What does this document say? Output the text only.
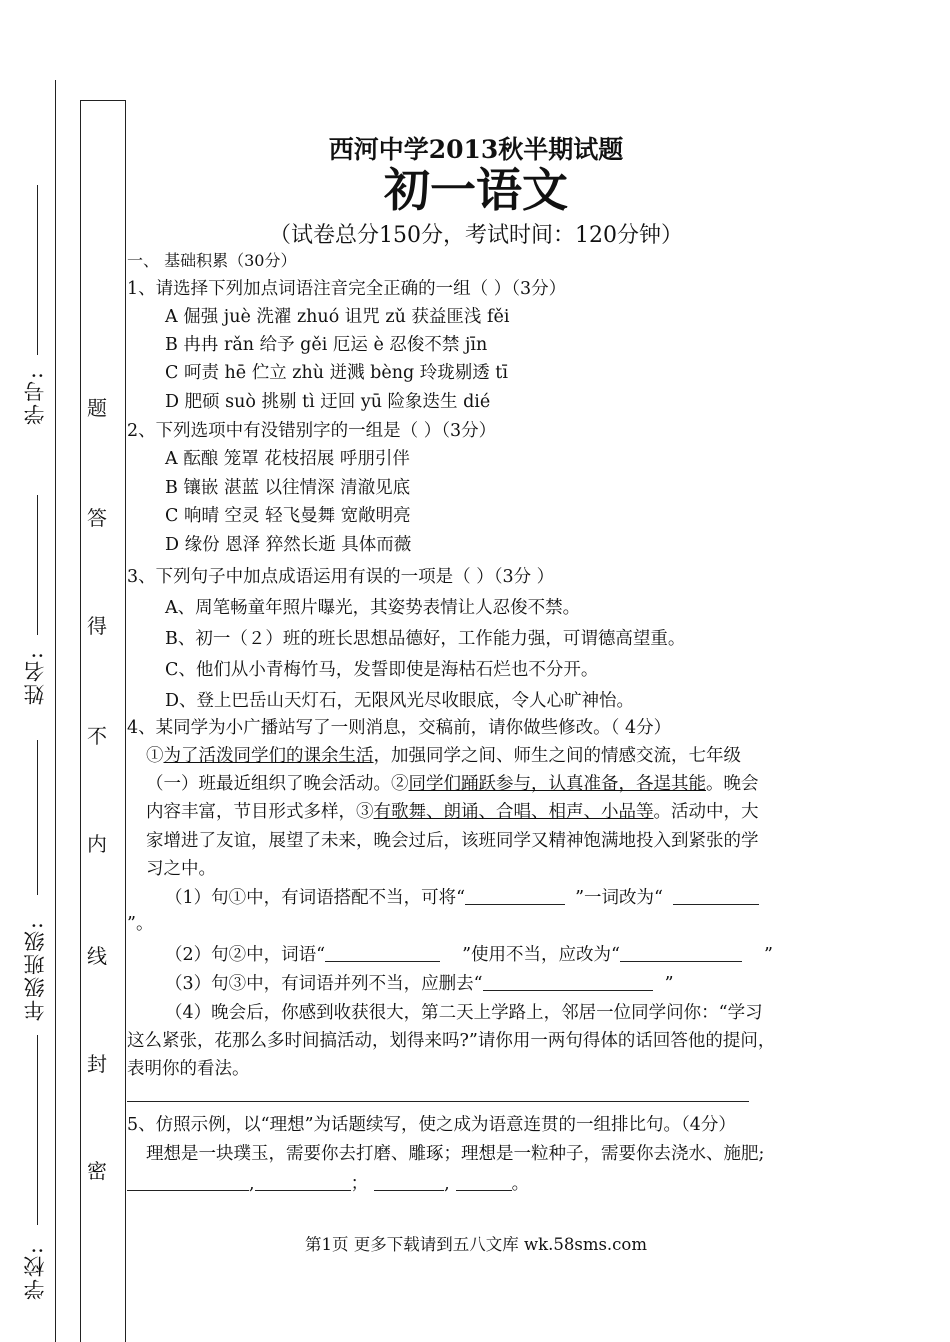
学号:
姓名:
年级班级:
学校:
题
答
得
不
内
线
封
密
西河中学2013秋半期试题
初一语文
（试卷总分150分，考试时间：120分钟）
一、 基础积累（30分）
1、请选择下列加点词语注音完全正确的一组（ ）（3分）
A 倔强 juè 洗濯 zhuó 诅咒 zǔ 获益匪浅 fěi
B 冉冉 rǎn 给予 gěi 厄运 è 忍俊不禁 jīn
C 呵责 hē 伫立 zhù 迸溅 bèng 玲珑剔透 tī
D 肥硕 suò 挑剔 tì 迂回 yū 险象迭生 dié
2、下列选项中有没错别字的一组是（ ）（3分）
A 酝酿 笼罩 花枝招展 呼朋引伴
B 镶嵌 湛蓝 以往情深 清澈见底
C 响晴 空灵 轻飞曼舞 宽敞明亮
D 缘份 恩泽 猝然长逝 具体而薇
3、下列句子中加点成语运用有误的一项是（ ）（3分 ）
A、周笔畅童年照片曝光，其姿势表情让人忍俊不禁。
B、初一（２）班的班长思想品德好，工作能力强，可谓德高望重。
C、他们从小青梅竹马，发誓即使是海枯石烂也不分开。
D、登上巴岳山天灯石，无限风光尽收眼底，令人心旷神怡。
4、某同学为小广播站写了一则消息，交稿前，请你做些修改。（ 4分）
①为了活泼同学们的课余生活，加强同学之间、师生之间的情感交流，七年级
（一）班最近组织了晚会活动。②同学们踊跃参与，认真准备，各逞其能。晚会
内容丰富，节目形式多样，③有歌舞、朗诵、合唱、相声、小品等。活动中，大
家增进了友谊，展望了未来，晚会过后，该班同学又精神饱满地投入到紧张的学
习之中。
（1）句①中，有词语搭配不当，可将“	”一词改为“
”。
（2）句②中，词语“	”使用不当，应改为“	”
（3）句③中，有词语并列不当，应删去“	”
（4）晚会后，你感到收获很大，第二天上学路上，邻居一位同学问你：“学习
这么紧张，花那么多时间搞活动，划得来吗?”请你用一两句得体的话回答他的提问，
表明你的看法。
5、仿照示例，以“理想”为话题续写，使之成为语意连贯的一组排比句。（4分）
理想是一块璞玉，需要你去打磨、雕琢；理想是一粒种子，需要你去浇水、施肥;
,	；	,	。
第1页 更多下载请到五八文库 wk.58sms.com
